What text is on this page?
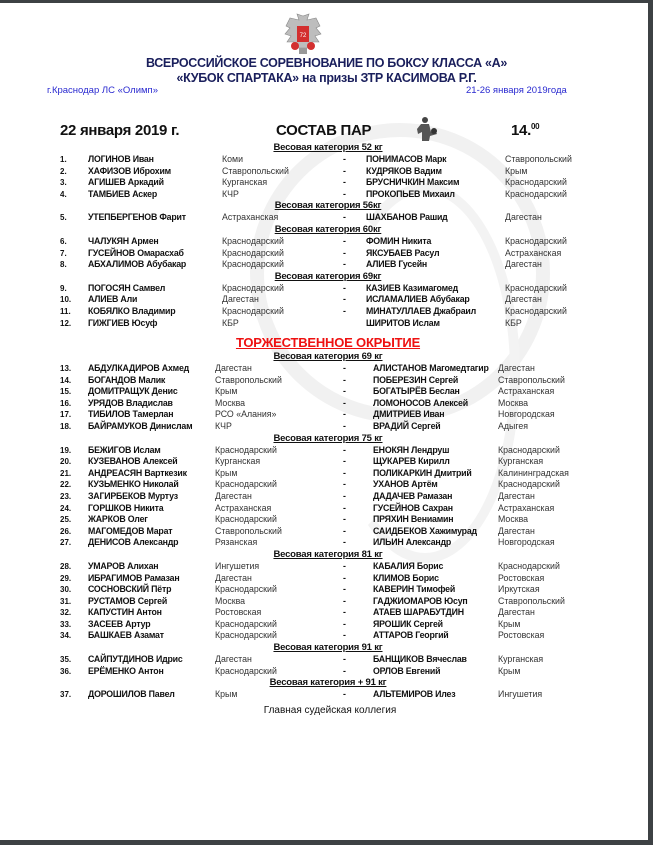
72
ВСЕРОССИЙСКОЕ СОРЕВНОВАНИЕ ПО БОКСУ КЛАССА «А»
«КУБОК СПАРТАКА» на призы ЗТР КАСИМОВА Р.Г.
г.Краснодар ЛС «Олимп»	21-26 января 2019года
22 января 2019 г.	СОСТАВ ПАР	14.00
Весовая категория 52 кг
1. ЛОГИНОВ Иван	Коми	- ПОНИМАСОВ Марк	Ставропольский
2. ХАФИЗОВ Иброхим	Ставропольский	- КУДРЯКОВ Вадим	Крым
3. АГИШЕВ Аркадий	Курганская	- БРУСНИЧКИН Максим	Краснодарский
4. ТАМБИЕВ Аскер	КЧР	- ПРОКОПЬЕВ Михаил	Краснодарский
Весовая категория 56кг
5. УТЕПБЕРГЕНОВ Фарит	Астраханская	- ШАХБАНОВ Рашид	Дагестан
Весовая категория 60кг
6. ЧАЛУКЯН Армен	Краснодарский	- ФОМИН Никита	Краснодарский
7. ГУСЕЙНОВ Омарасхаб	Краснодарский	- ЯКСУБАЕВ Расул	Астраханская
8. АБХАЛИМОВ Абубакар	Краснодарский	- АЛИЕВ Гусейн	Дагестан
Весовая категория 69кг
9. ПОГОСЯН Самвел	Краснодарский	- КАЗИЕВ Казимагомед	Краснодарский
10. АЛИЕВ Али	Дагестан	- ИСЛАМАЛИЕВ Абубакар	Дагестан
11. КОБЯЛКО Владимир	Краснодарский	- МИНАТУЛЛАЕВ Джабраил	Краснодарский
12. ГИЖГИЕВ Юсуф	КБР	ШИРИТОВ Ислам	КБР
ТОРЖЕСТВЕННОЕ ОКРЫТИЕ
Весовая категория 69 кг
13. АБДУЛКАДИРОВ Ахмед	Дагестан	-	АЛИСТАНОВ Магомедтагир Дагестан
14. БОГАНДОВ Малик	Ставропольский	-	ПОБЕРЕЗИН Сергей	Ставропольский
15. ДОМИТРАЩУК Денис	Крым	-	БОГАТЫРЁВ Беслан	Астраханская
16. УРЯДОВ Владислав	Москва	-	ЛОМОНОСОВ Алексей	Москва
17. ТИБИЛОВ Тамерлан	РСО «Алания»	-	ДМИТРИЕВ Иван	Новгородская
18. БАЙРАМУКОВ Динислам	КЧР	-	ВРАДИЙ Сергей	Адыгея
Весовая категория 75 кг
19. БЕЖИГОВ Ислам	Краснодарский	-	ЕНОКЯН Лендруш	Краснодарский
20. КУЗЕВАНОВ Алексей	Курганская	-	ЩУКАРЕВ Кирилл	Курганская
21. АНДРЕАСЯН Варткезик	Крым	-	ПОЛИКАРКИН Дмитрий	Калининградская
22. КУЗЬМЕНКО Николай	Краснодарский	-	УХАНОВ Артём	Краснодарский
23. ЗАГИРБЕКОВ Муртуз	Дагестан	-	ДАДАЧЕВ Рамазан	Дагестан
24. ГОРШКОВ Никита	Астраханская	-	ГУСЕЙНОВ Сахран	Астраханская
25. ЖАРКОВ Олег	Краснодарский	-	ПРЯХИН Вениамин	Москва
26. МАГОМЕДОВ Марат	Ставропольский	-	САИДБЕКОВ Хажимурад Дагестан
27. ДЕНИСОВ Александр	Рязанская	-	ИЛЬИН Александр	Новгородская
Весовая категория 81 кг
28. УМАРОВ Алихан	Ингушетия	-	КАБАЛИЯ Борис	Краснодарский
29. ИБРАГИМОВ Рамазан	Дагестан	-	КЛИМОВ Борис	Ростовская
30. СОСНОВСКИЙ Пётр	Краснодарский	-	КАВЕРИН Тимофей	Иркутская
31. РУСТАМОВ Сергей	Москва	-	ГАДЖИОМАРОВ Юсуп	Ставропольский
32. КАПУСТИН Антон	Ростовская	-	АТАЕВ ШАРАБУТДИН	Дагестан
33. ЗАСЕЕВ Артур	Краснодарский	-	ЯРОШИК Сергей	Крым
34. БАШКАЕВ Азамат	Краснодарский	-	АТТАРОВ Георгий	Ростовская
Весовая категория 91 кг
35. САЙПУТДИНОВ Идрис	Дагестан	-	БАНЩИКОВ Вячеслав	Курганская
36. ЕРЁМЕНКО Антон	Краснодарский	-	ОРЛОВ Евгений	Крым
Весовая категория + 91 кг
37. ДОРОШИЛОВ Павел	Крым	-	АЛЬТЕМИРОВ Илез	Ингушетия
Главная судейская коллегия
